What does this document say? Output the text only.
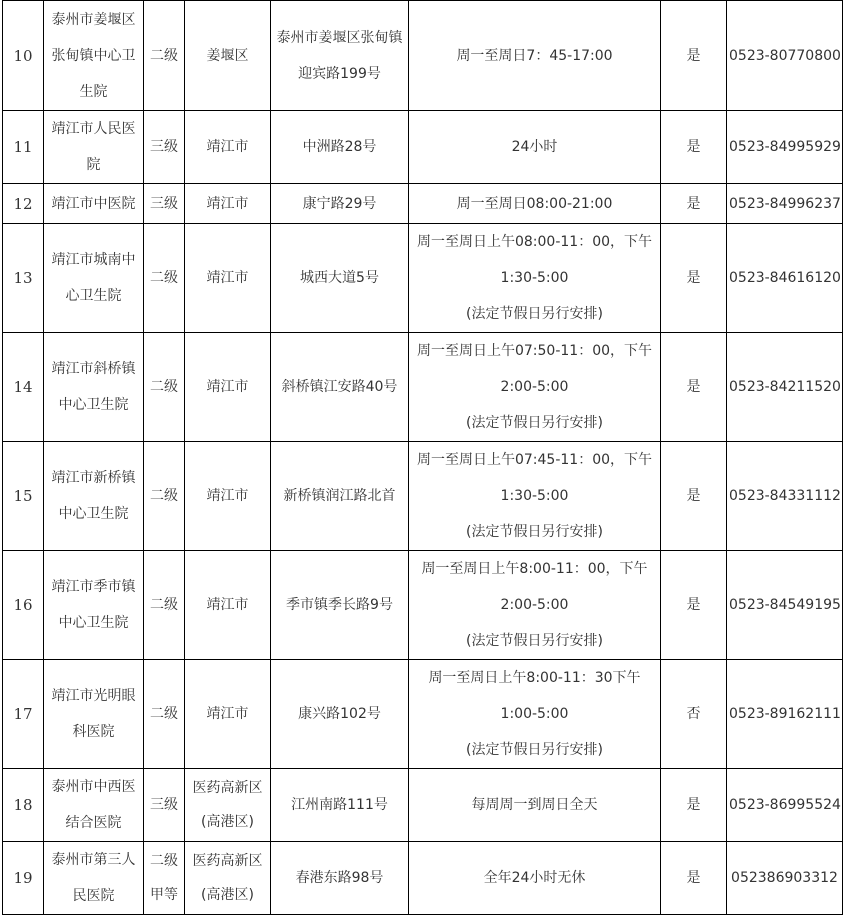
10	泰州市姜堰区张甸镇中心卫生院	二级	姜堰区	泰州市姜堰区张甸镇迎宾路199号	周一至周日7：45-17:00	是	0523-80770800
11	靖江市人民医院	三级	靖江市	中洲路28号	24小时	是	0523-84995929
12	靖江市中医院	三级	靖江市	康宁路29号	周一至周日08:00-21:00	是	0523-84996237
13	靖江市城南中心卫生院	二级	靖江市	城西大道5号	周一至周日上午08:00-11：00，下午
1:30-5:00
(法定节假日另行安排)	是	0523-84616120
14	靖江市斜桥镇中心卫生院	二级	靖江市	斜桥镇江安路40号	周一至周日上午07:50-11：00，下午
2:00-5:00
(法定节假日另行安排)	是	0523-84211520
15	靖江市新桥镇中心卫生院	二级	靖江市	新桥镇润江路北首	周一至周日上午07:45-11：00，下午
1:30-5:00
(法定节假日另行安排)	是	0523-84331112
16	靖江市季市镇中心卫生院	二级	靖江市	季市镇季长路9号	周一至周日上午8:00-11：00，下午
2:00-5:00
(法定节假日另行安排)	是	0523-84549195
17	靖江市光明眼科医院	二级	靖江市	康兴路102号	周一至周日上午8:00-11：30下午
1:00-5:00
(法定节假日另行安排)	否	0523-89162111
18	泰州市中西医结合医院	三级	医药高新区(高港区)	江州南路111号	每周周一到周日全天	是	0523-86995524
19	泰州市第三人民医院	二级甲等	医药高新区(高港区)	春港东路98号	全年24小时无休	是	052386903312
